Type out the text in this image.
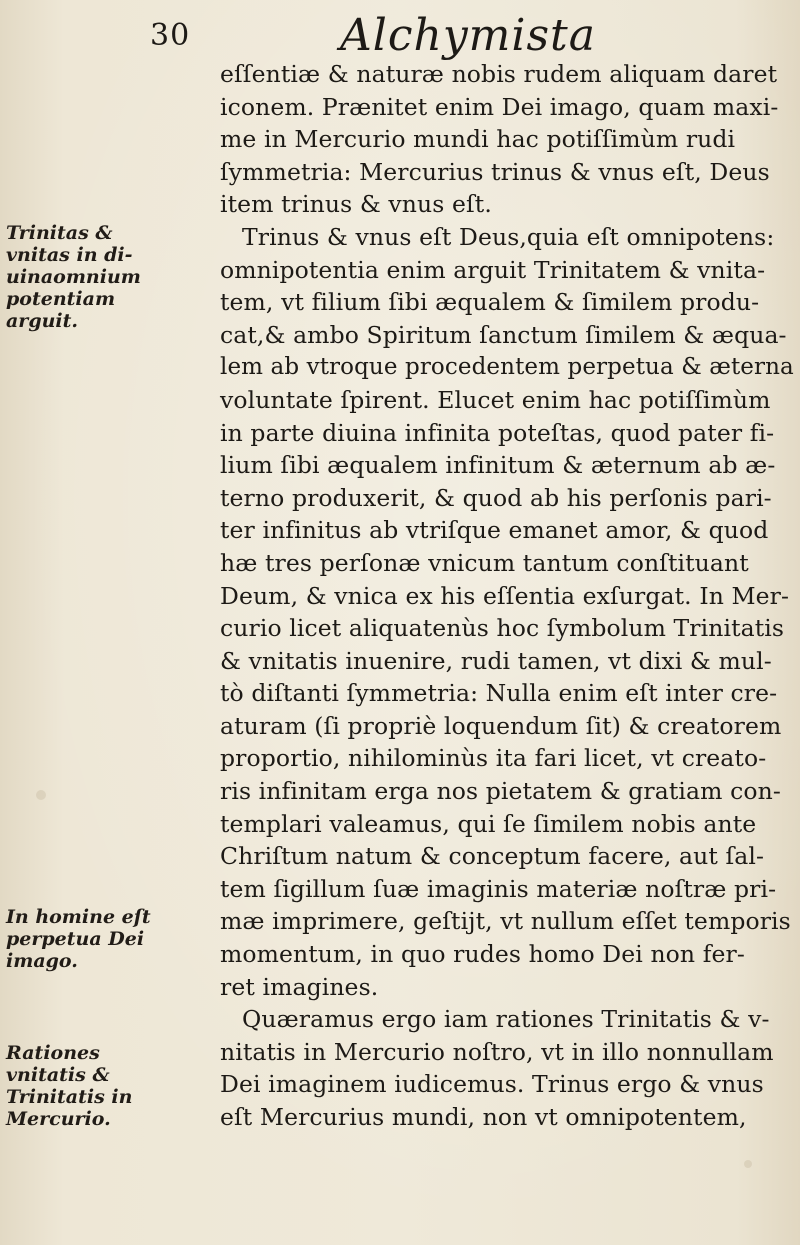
30	Alchymista
Trinitas &
vnitas in di-
uinaomnium
potentiam
arguit.
In homine eſt
perpetua Dei
imago.
Rationes
vnitatis &
Trinitatis in
Mercurio.
eſſentiæ & naturæ nobis rudem aliquam daret
iconem. Prænitet enim Dei imago, quam maxi-
me in Mercurio mundi hac potiſſimùm rudi
ſymmetria: Mercurius trinus & vnus eſt, Deus
item trinus & vnus eſt.
Trinus & vnus eſt Deus,quia eſt omnipotens:
omnipotentia enim arguit Trinitatem & vnita-
tem, vt filium ſibi æqualem & ſimilem produ-
cat,& ambo Spiritum ſanctum ſimilem & æqua-
lem ab vtroque procedentem perpetua & æterna
voluntate ſpirent. Elucet enim hac potiſſimùm
in parte diuina infinita poteſtas, quod pater fi-
lium ſibi æqualem infinitum & æternum ab æ-
terno produxerit, & quod ab his perſonis pari-
ter infinitus ab vtriſque emanet amor, & quod
hæ tres perſonæ vnicum tantum conſtituant
Deum, & vnica ex his eſſentia exſurgat. In Mer-
curio licet aliquatenùs hoc ſymbolum Trinitatis
& vnitatis inuenire, rudi tamen, vt dixi & mul-
tò diſtanti ſymmetria: Nulla enim eſt inter cre-
aturam (ſi propriè loquendum ſit) & creatorem
proportio, nihilominùs ita fari licet, vt creato-
ris infinitam erga nos pietatem & gratiam con-
templari valeamus, qui ſe ſimilem nobis ante
Chriſtum natum & conceptum facere, aut ſal-
tem ſigillum ſuæ imaginis materiæ noſtræ pri-
mæ imprimere, geſtijt, vt nullum eſſet temporis
momentum, in quo rudes homo Dei non fer-
ret imagines.
Quæramus ergo iam rationes Trinitatis & v-
nitatis in Mercurio noſtro, vt in illo nonnullam
Dei imaginem iudicemus. Trinus ergo & vnus
eſt Mercurius mundi, non vt omnipotentem,
